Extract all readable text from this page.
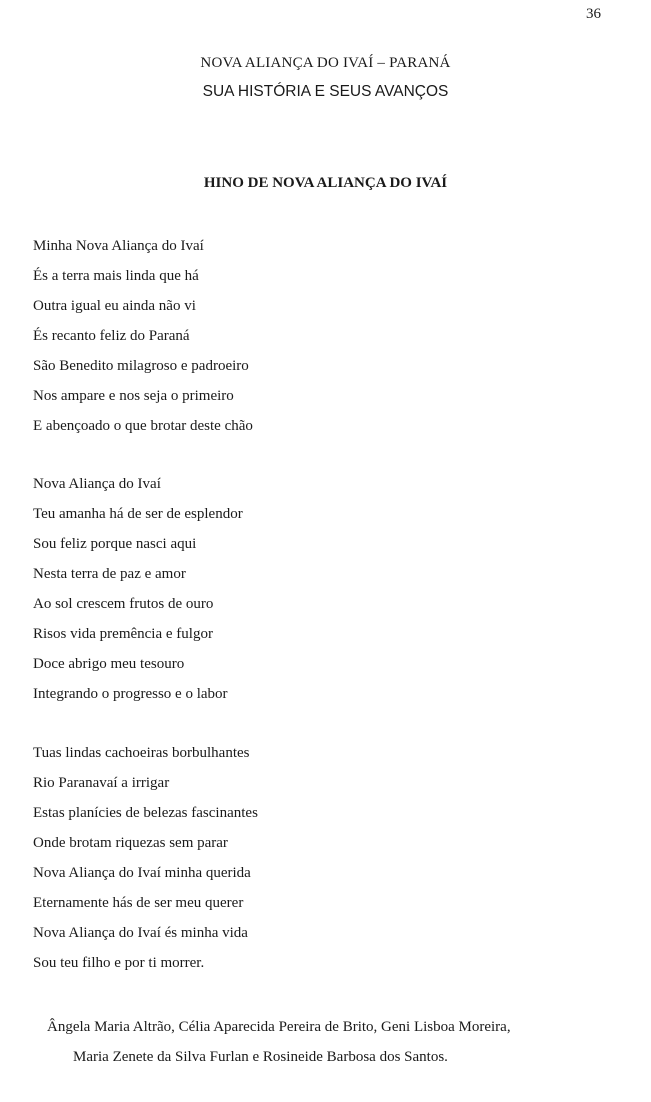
36
NOVA ALIANÇA DO IVAÍ – PARANÁ
SUA HISTÓRIA E SEUS AVANÇOS
HINO DE NOVA ALIANÇA DO IVAÍ
Minha Nova Aliança do Ivaí
És a terra mais linda que há
Outra igual eu ainda não vi
És recanto feliz do Paraná
São Benedito milagroso e padroeiro
Nos ampare e nos seja o primeiro
E abençoado o que brotar deste chão
Nova Aliança do Ivaí
Teu amanha há de ser de esplendor
Sou feliz porque nasci aqui
Nesta terra de paz e amor
Ao sol crescem frutos de ouro
Risos vida premência e fulgor
Doce abrigo meu tesouro
Integrando o progresso e o labor
Tuas lindas cachoeiras borbulhantes
Rio Paranavaí a irrigar
Estas planícies de belezas fascinantes
Onde brotam riquezas sem parar
Nova Aliança do Ivaí minha querida
Eternamente hás de ser meu querer
Nova Aliança do Ivaí és minha vida
Sou teu filho e por ti morrer.
Ângela Maria Altrão, Célia Aparecida Pereira de Brito, Geni Lisboa Moreira,
Maria Zenete da Silva Furlan e Rosineide Barbosa dos Santos.
